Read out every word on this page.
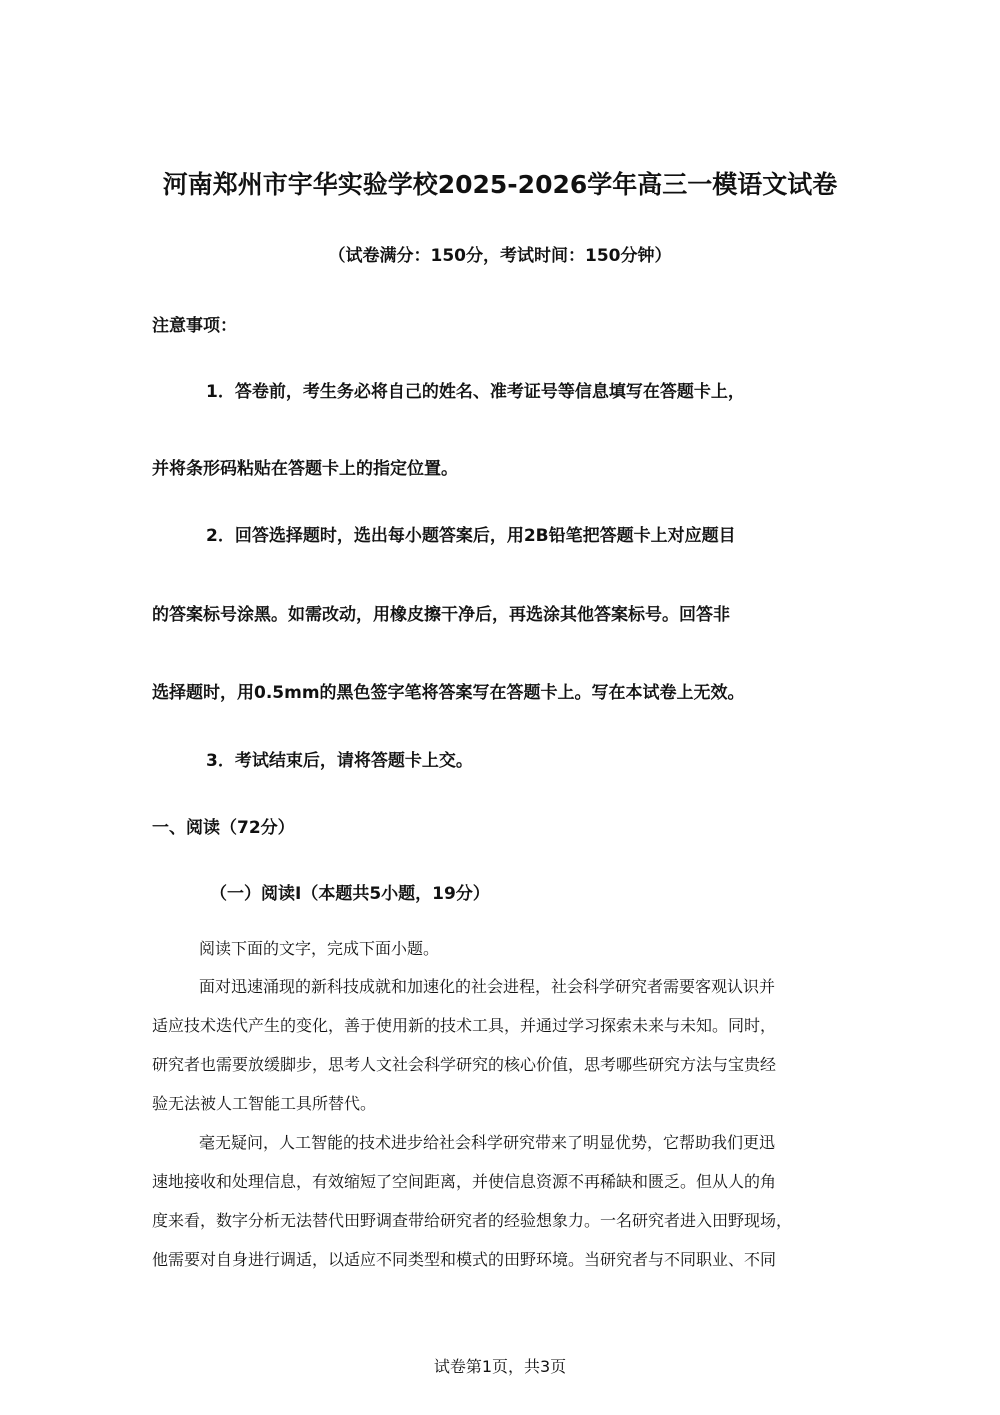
河南郑州市宇华实验学校2025-2026学年高三一模语文试卷
（试卷满分：150分，考试时间：150分钟）
注意事项：
1．答卷前，考生务必将自己的姓名、准考证号等信息填写在答题卡上，
并将条形码粘贴在答题卡上的指定位置。
2．回答选择题时，选出每小题答案后，用2B铅笔把答题卡上对应题目
的答案标号涂黑。如需改动，用橡皮擦干净后，再选涂其他答案标号。回答非
选择题时，用0.5mm的黑色签字笔将答案写在答题卡上。写在本试卷上无效。
3．考试结束后，请将答题卡上交。
一、阅读（72分）
（一）阅读I（本题共5小题，19分）
阅读下面的文字，完成下面小题。
面对迅速涌现的新科技成就和加速化的社会进程，社会科学研究者需要客观认识并
适应技术迭代产生的变化，善于使用新的技术工具，并通过学习探索未来与未知。同时，
研究者也需要放缓脚步，思考人文社会科学研究的核心价值，思考哪些研究方法与宝贵经
验无法被人工智能工具所替代。
毫无疑问，人工智能的技术进步给社会科学研究带来了明显优势，它帮助我们更迅
速地接收和处理信息，有效缩短了空间距离，并使信息资源不再稀缺和匮乏。但从人的角
度来看，数字分析无法替代田野调查带给研究者的经验想象力。一名研究者进入田野现场，
他需要对自身进行调适，以适应不同类型和模式的田野环境。当研究者与不同职业、不同
试卷第1页，共3页
